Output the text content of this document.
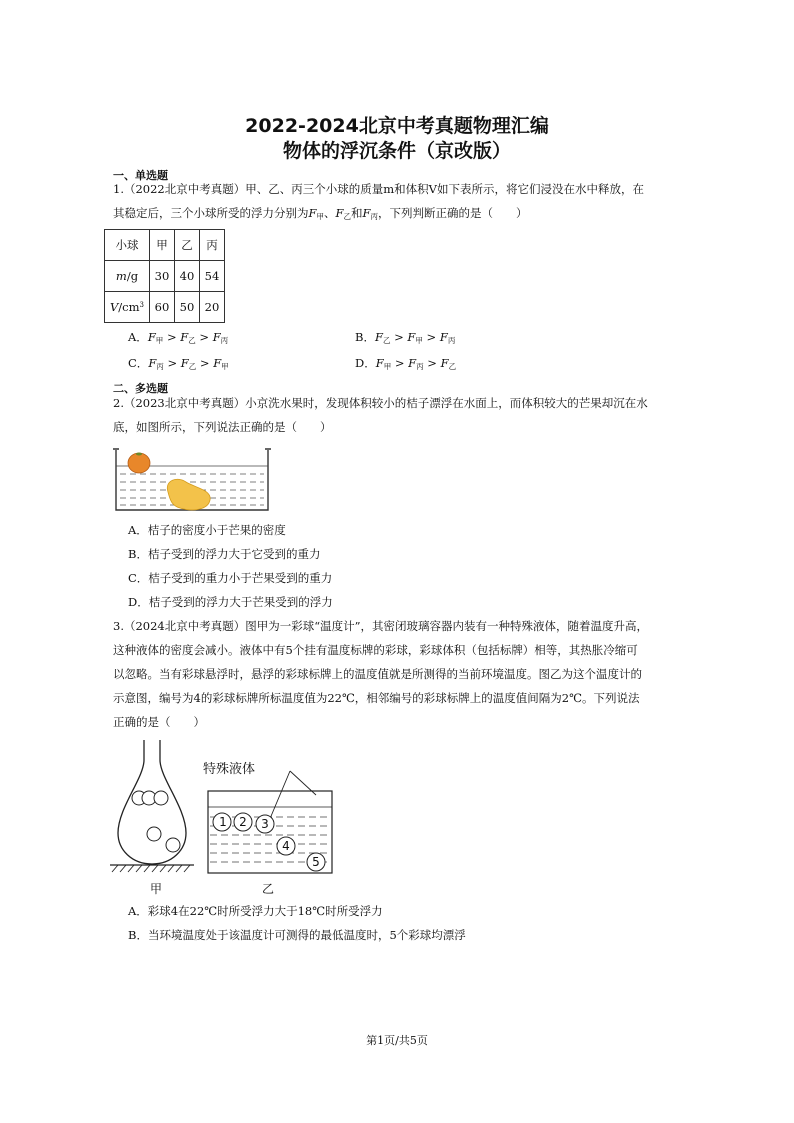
2022-2024北京中考真题物理汇编
物体的浮沉条件（京改版）
一、单选题
1.（2022北京中考真题）甲、乙、丙三个小球的质量m和体积V如下表所示，将它们浸没在水中释放，在
其稳定后，三个小球所受的浮力分别为$F_甲$、$F_乙$和$F_丙$，下列判断正确的是（　　）
小球	甲	乙	丙
m/g	30	40	54
$V/cm^3$	60	50	20
A．$F_甲 > F_乙 > F_丙$	B．$F_乙 > F_甲 > F_丙$
C．$F_丙 > F_乙 > F_甲$	D．$F_甲 > F_丙 > F_乙$
二、多选题
2.（2023北京中考真题）小京洗水果时，发现体积较小的桔子漂浮在水面上，而体积较大的芒果却沉在水
底，如图所示，下列说法正确的是（　　）
A．桔子的密度小于芒果的密度
B．桔子受到的浮力大于它受到的重力
C．桔子受到的重力小于芒果受到的重力
D．桔子受到的浮力大于芒果受到的浮力
3.（2024北京中考真题）图甲为一彩球“温度计”，其密闭玻璃容器内装有一种特殊液体，随着温度升高，
这种液体的密度会减小。液体中有5个挂有温度标牌的彩球，彩球体积（包括标牌）相等，其热胀冷缩可
以忽略。当有彩球悬浮时，悬浮的彩球标牌上的温度值就是所测得的当前环境温度。图乙为这个温度计的
示意图，编号为4的彩球标牌所标温度值为22℃，相邻编号的彩球标牌上的温度值间隔为2℃。下列说法
正确的是（　　）
1 2 3
4
5
特殊液体
甲	乙
A．彩球4在22℃时所受浮力大于18℃时所受浮力
B．当环境温度处于该温度计可测得的最低温度时，5个彩球均漂浮
第1页/共5页
